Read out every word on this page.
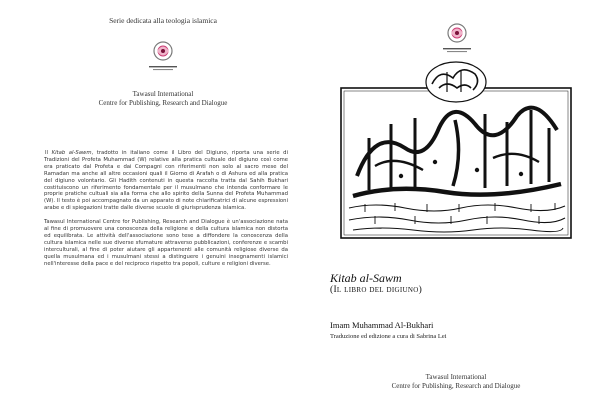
Serie dedicata alla teologia islamica
Tawasul International
Centre for Publishing, Research and Dialogue

Il Kitab al-Sawm, tradotto in italiano come il Libro del Digiuno, riporta una serie di Tradizioni del Profeta Muhammad (W) relative alla pratica cultuale del digiuno così come era praticato dal Profeta e dai Compagni con riferimenti non solo al sacro mese del Ramadan ma anche all altre occasioni quali il Giorno di Arafah o di Ashura ed alla pratica del digiuno volontario. Gli Hadith contenuti in questa raccolta tratta dal Sahih Bukhari costituiscono un riferimento fondamentale per il musulmano che intenda conformare le proprie pratiche cultuali sia alla forma che allo spirito della Sunna del Profeta Muhammad (W). Il testo è poi accompagnato da un apparato di note chiarificatrici di alcune espressioni arabe e di spiegazioni tratte dalle diverse scuole di giurisprudenza islamica.

Tawasul International Centre for Publishing, Research and Dialogue è un'associazione nata al fine di promuovere una conoscenza della religione e della cultura islamica non distorta ed equilibrata. Le attività dell'associazione sono tese a diffondere la conoscenza della cultura islamica nelle sue diverse sfumature attraverso pubblicazioni, conferenze e scambi interculturali, al fine di poter aiutare gli appartenenti alle comunità religiose diverse da quella musulmana ed i musulmani stessi a distinguere i genuini insegnamenti islamici nell'interesse della pace e del reciproco rispetto tra popoli, culture e religioni diverse.

Kitab al-Sawm
(Il libro del digiuno)
Imam Muhammad Al-Bukhari
Traduzione ed edizione a cura di Sabrina Lei
Tawasul International
Centre for Publishing, Research and Dialogue
